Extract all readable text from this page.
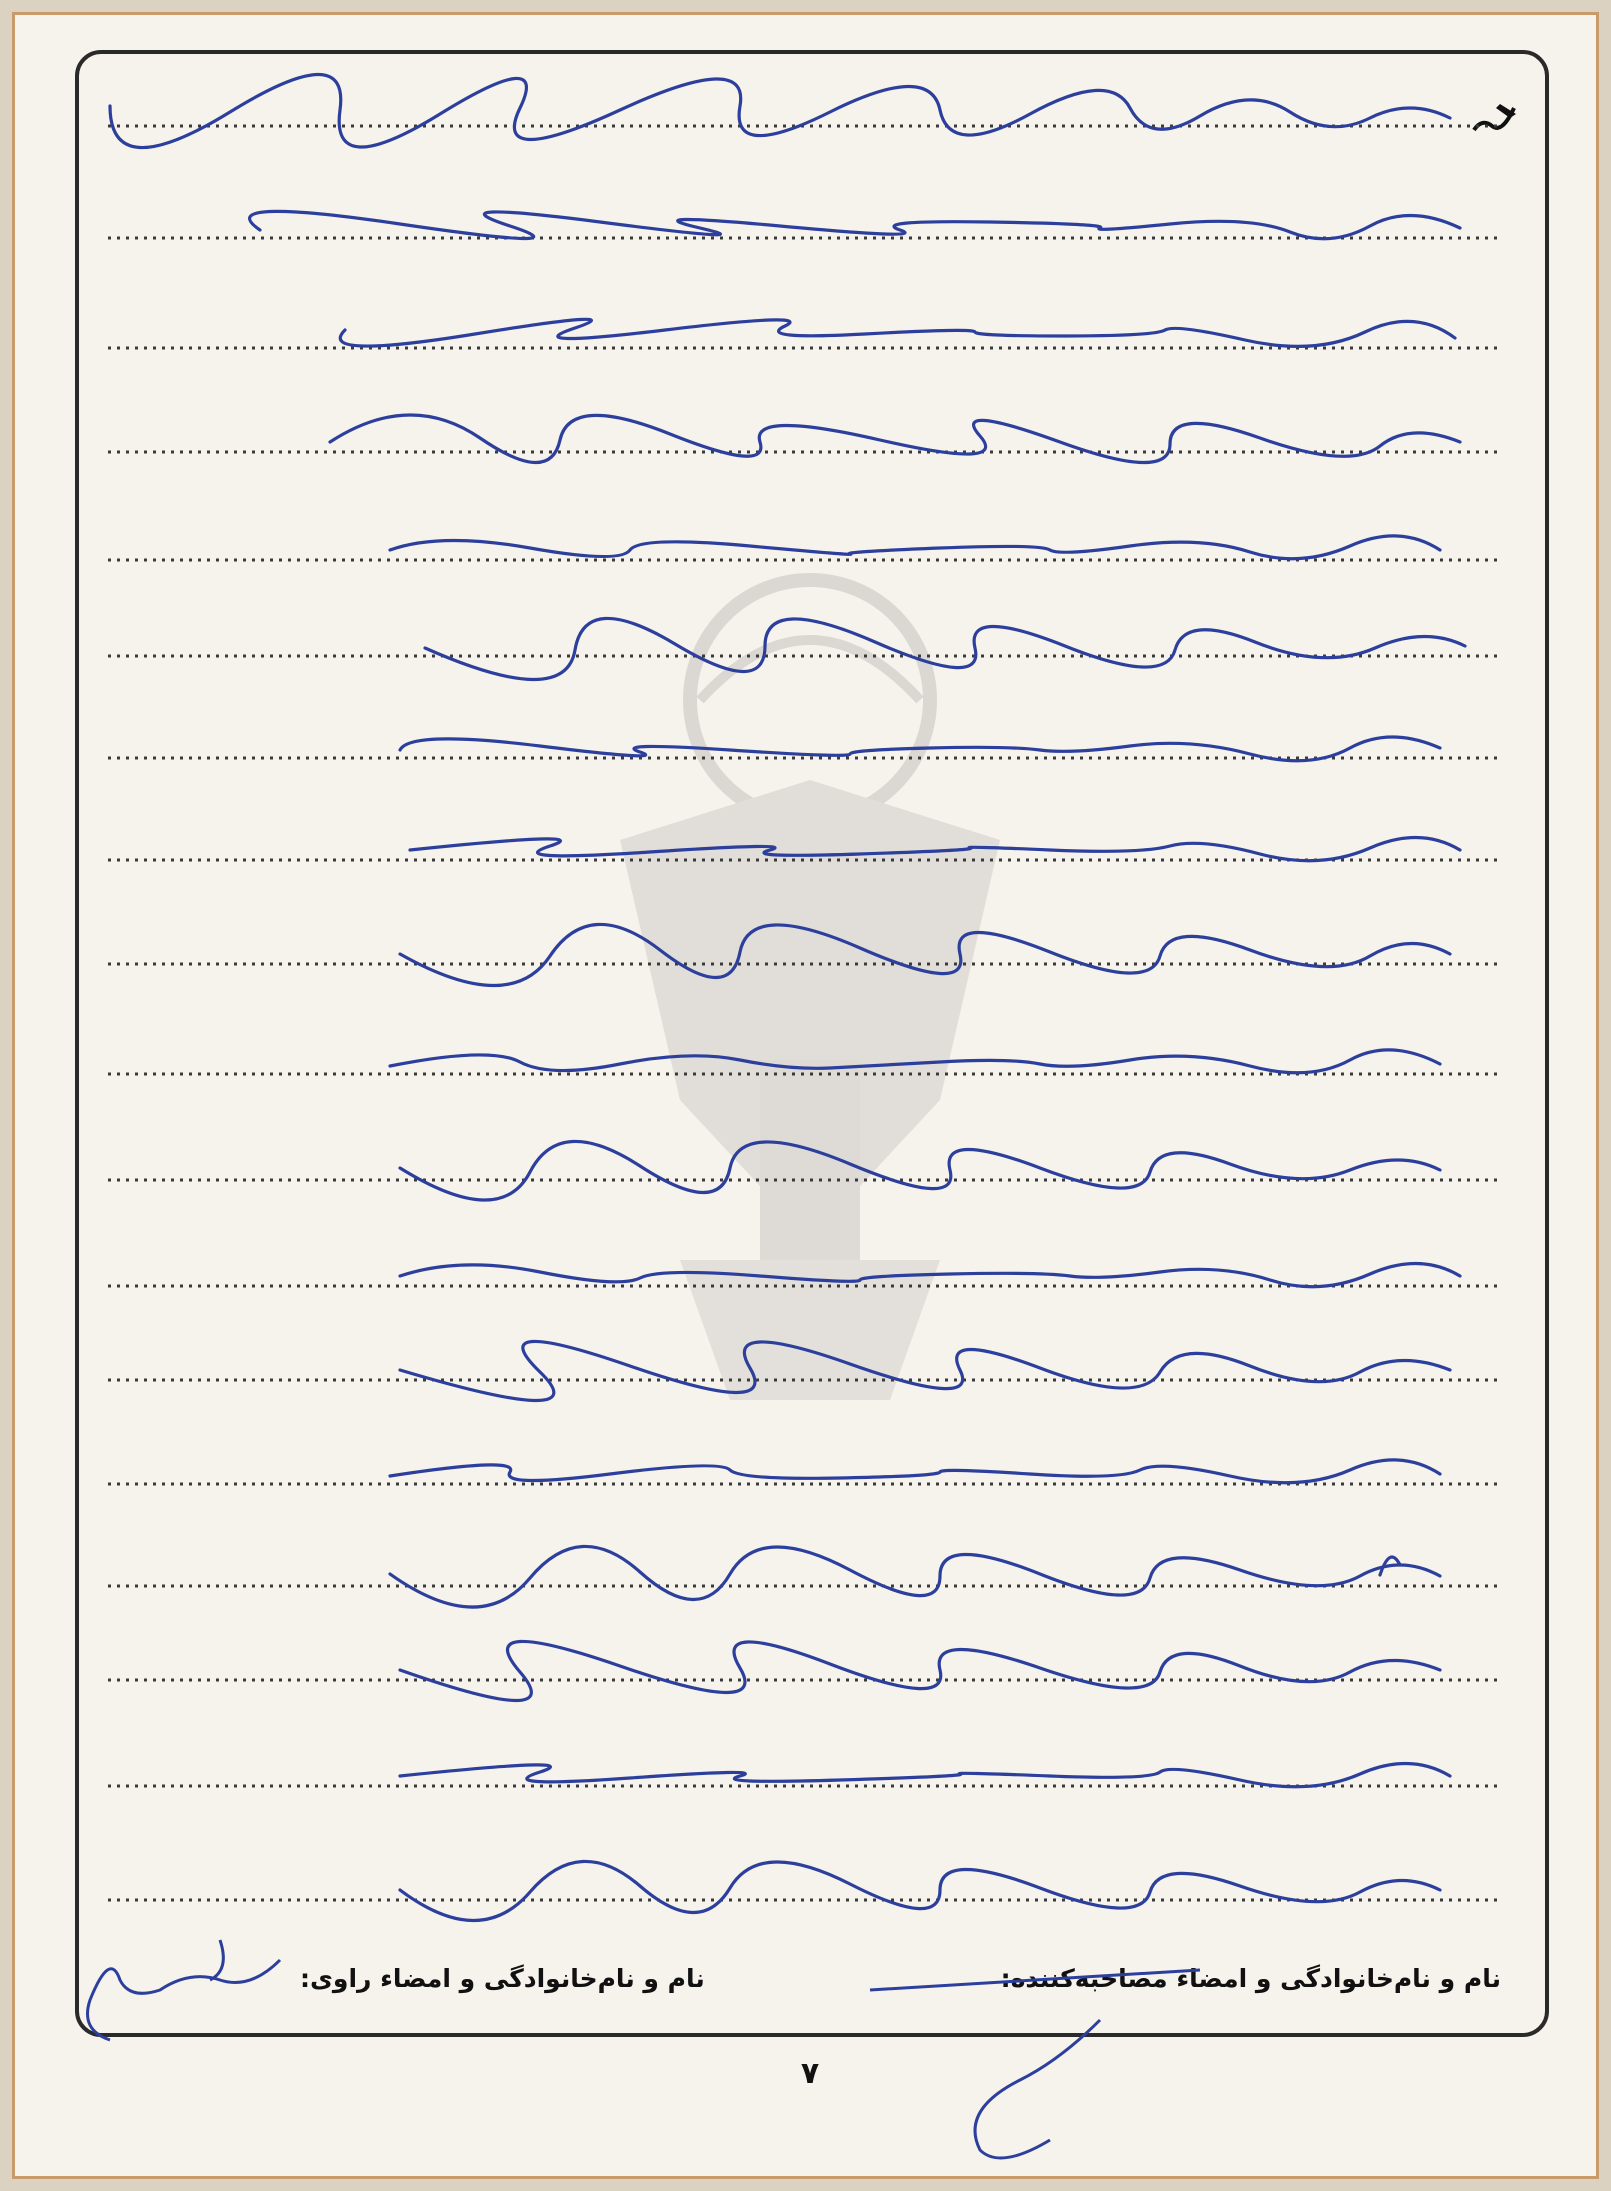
نام و نام‌خانوادگی و امضاء مصاحبه‌کننده:
نام و نام‌خانوادگی و امضاء راوی:
۷
